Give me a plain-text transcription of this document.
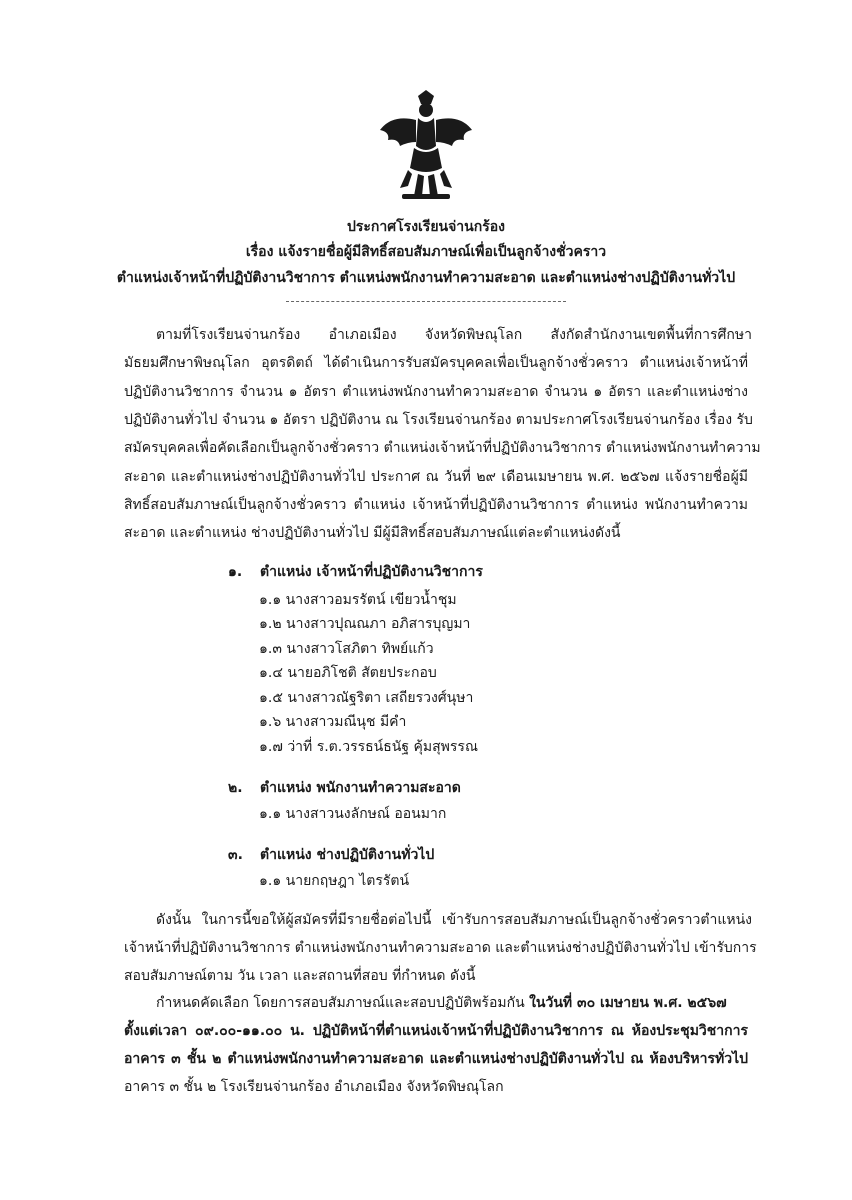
ประกาศโรงเรียนจ่านกร้อง
เรื่อง แจ้งรายชื่อผู้มีสิทธิ์สอบสัมภาษณ์เพื่อเป็นลูกจ้างชั่วคราว
ตำแหน่งเจ้าหน้าที่ปฏิบัติงานวิชาการ ตำแหน่งพนักงานทำความสะอาด และตำแหน่งช่างปฏิบัติงานทั่วไป
ตามที่โรงเรียนจ่านกร้อง อำเภอเมือง จังหวัดพิษณุโลก สังกัดสำนักงานเขตพื้นที่การศึกษา
มัธยมศึกษาพิษณุโลก อุตรดิตถ์ ได้ดำเนินการรับสมัครบุคคลเพื่อเป็นลูกจ้างชั่วคราว ตำแหน่งเจ้าหน้าที่
ปฏิบัติงานวิชาการ จำนวน ๑ อัตรา ตำแหน่งพนักงานทำความสะอาด จำนวน ๑ อัตรา และตำแหน่งช่าง
ปฏิบัติงานทั่วไป จำนวน ๑ อัตรา ปฏิบัติงาน ณ โรงเรียนจ่านกร้อง ตามประกาศโรงเรียนจ่านกร้อง เรื่อง รับ
สมัครบุคคลเพื่อคัดเลือกเป็นลูกจ้างชั่วคราว ตำแหน่งเจ้าหน้าที่ปฏิบัติงานวิชาการ ตำแหน่งพนักงานทำความ
สะอาด และตำแหน่งช่างปฏิบัติงานทั่วไป ประกาศ ณ วันที่ ๒๙ เดือนเมษายน พ.ศ. ๒๕๖๗ แจ้งรายชื่อผู้มี
สิทธิ์สอบสัมภาษณ์เป็นลูกจ้างชั่วคราว ตำแหน่ง เจ้าหน้าที่ปฏิบัติงานวิชาการ ตำแหน่ง พนักงานทำความ
สะอาด และตำแหน่ง ช่างปฏิบัติงานทั่วไป มีผู้มีสิทธิ์สอบสัมภาษณ์แต่ละตำแหน่งดังนี้
๑. ตำแหน่ง เจ้าหน้าที่ปฏิบัติงานวิชาการ
๑.๑ นางสาวอมรรัตน์ เขียวน้ำชุม
๑.๒ นางสาวปุณณภา อภิสารบุญมา
๑.๓ นางสาวโสภิตา ทิพย์แก้ว
๑.๔ นายอภิโชติ สัตยประกอบ
๑.๕ นางสาวณัฐริตา เสถียรวงศ์นุษา
๑.๖ นางสาวมณีนุช มีคำ
๑.๗ ว่าที่ ร.ต.วรรธน์ธนัฐ คุ้มสุพรรณ
๒. ตำแหน่ง พนักงานทำความสะอาด
๑.๑ นางสาวนงลักษณ์ ออนมาก
๓. ตำแหน่ง ช่างปฏิบัติงานทั่วไป
๑.๑ นายกฤษฎา ไตรรัตน์
ดังนั้น ในการนี้ขอให้ผู้สมัครที่มีรายชื่อต่อไปนี้ เข้ารับการสอบสัมภาษณ์เป็นลูกจ้างชั่วคราวตำแหน่ง
เจ้าหน้าที่ปฏิบัติงานวิชาการ ตำแหน่งพนักงานทำความสะอาด และตำแหน่งช่างปฏิบัติงานทั่วไป เข้ารับการ
สอบสัมภาษณ์ตาม วัน เวลา และสถานที่สอบ ที่กำหนด ดังนี้
กำหนดคัดเลือก โดยการสอบสัมภาษณ์และสอบปฏิบัติพร้อมกัน ในวันที่ ๓๐ เมษายน พ.ศ. ๒๕๖๗
ตั้งแต่เวลา ๐๙.๐๐-๑๑.๐๐ น. ปฏิบัติหน้าที่ตำแหน่งเจ้าหน้าที่ปฏิบัติงานวิชาการ ณ ห้องประชุมวิชาการ
อาคาร ๓ ชั้น ๒ ตำแหน่งพนักงานทำความสะอาด และตำแหน่งช่างปฏิบัติงานทั่วไป ณ ห้องบริหารทั่วไป
อาคาร ๓ ชั้น ๒ โรงเรียนจ่านกร้อง อำเภอเมือง จังหวัดพิษณุโลก
